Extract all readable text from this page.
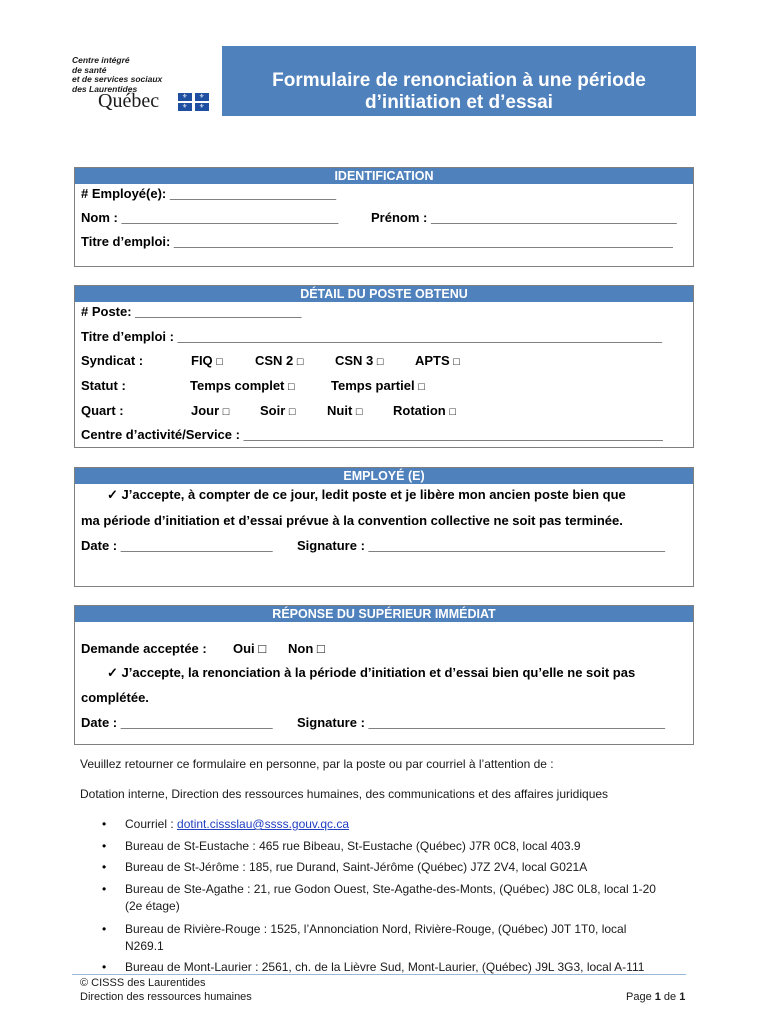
Centre intégré
de santé
et de services sociaux
des Laurentides
Québec	⚜ ⚜
⚜ ⚜
Formulaire de renonciation à une période
d’initiation et d’essai
IDENTIFICATION
# Employé(e): _______________________
Nom : ______________________________	Prénom : __________________________________
Titre d’emploi: _____________________________________________________________________
DÉTAIL DU POSTE OBTENU
# Poste: _______________________
Titre d’emploi : ___________________________________________________________________
Syndicat :	FIQ □ CSN 2 □ CSN 3 □ APTS □
Statut :	Temps complet □	Temps partiel □
Quart :	Jour □ Soir □ Nuit □ Rotation □
Centre d’activité/Service : __________________________________________________________
EMPLOYÉ (E)
✓ J’accepte, à compter de ce jour, ledit poste et je libère mon ancien poste bien que
ma période d’initiation et d’essai prévue à la convention collective ne soit pas terminée.
Date : _____________________ Signature : _________________________________________
RÉPONSE DU SUPÉRIEUR IMMÉDIAT
Demande acceptée : Oui □ Non □
✓ J’accepte, la renonciation à la période d’initiation et d’essai bien qu’elle ne soit pas
complétée.
Date : _____________________ Signature : _________________________________________
Veuillez retourner ce formulaire en personne, par la poste ou par courriel à l’attention de :
Dotation interne, Direction des ressources humaines, des communications et des affaires juridiques
• Courriel : dotint.cissslau@ssss.gouv.qc.ca
• Bureau de St-Eustache : 465 rue Bibeau, St-Eustache (Québec) J7R 0C8, local 403.9
• Bureau de St-Jérôme : 185, rue Durand, Saint-Jérôme (Québec) J7Z 2V4, local G021A
• Bureau de Ste-Agathe : 21, rue Godon Ouest, Ste-Agathe-des-Monts, (Québec) J8C 0L8, local 1-20
(2e étage)
• Bureau de Rivière-Rouge : 1525, l’Annonciation Nord, Rivière-Rouge, (Québec) J0T 1T0, local
N269.1
• Bureau de Mont-Laurier : 2561, ch. de la Lièvre Sud, Mont-Laurier, (Québec) J9L 3G3, local A-111
© CISSS des Laurentides
Direction des ressources humaines	Page 1 de 1
